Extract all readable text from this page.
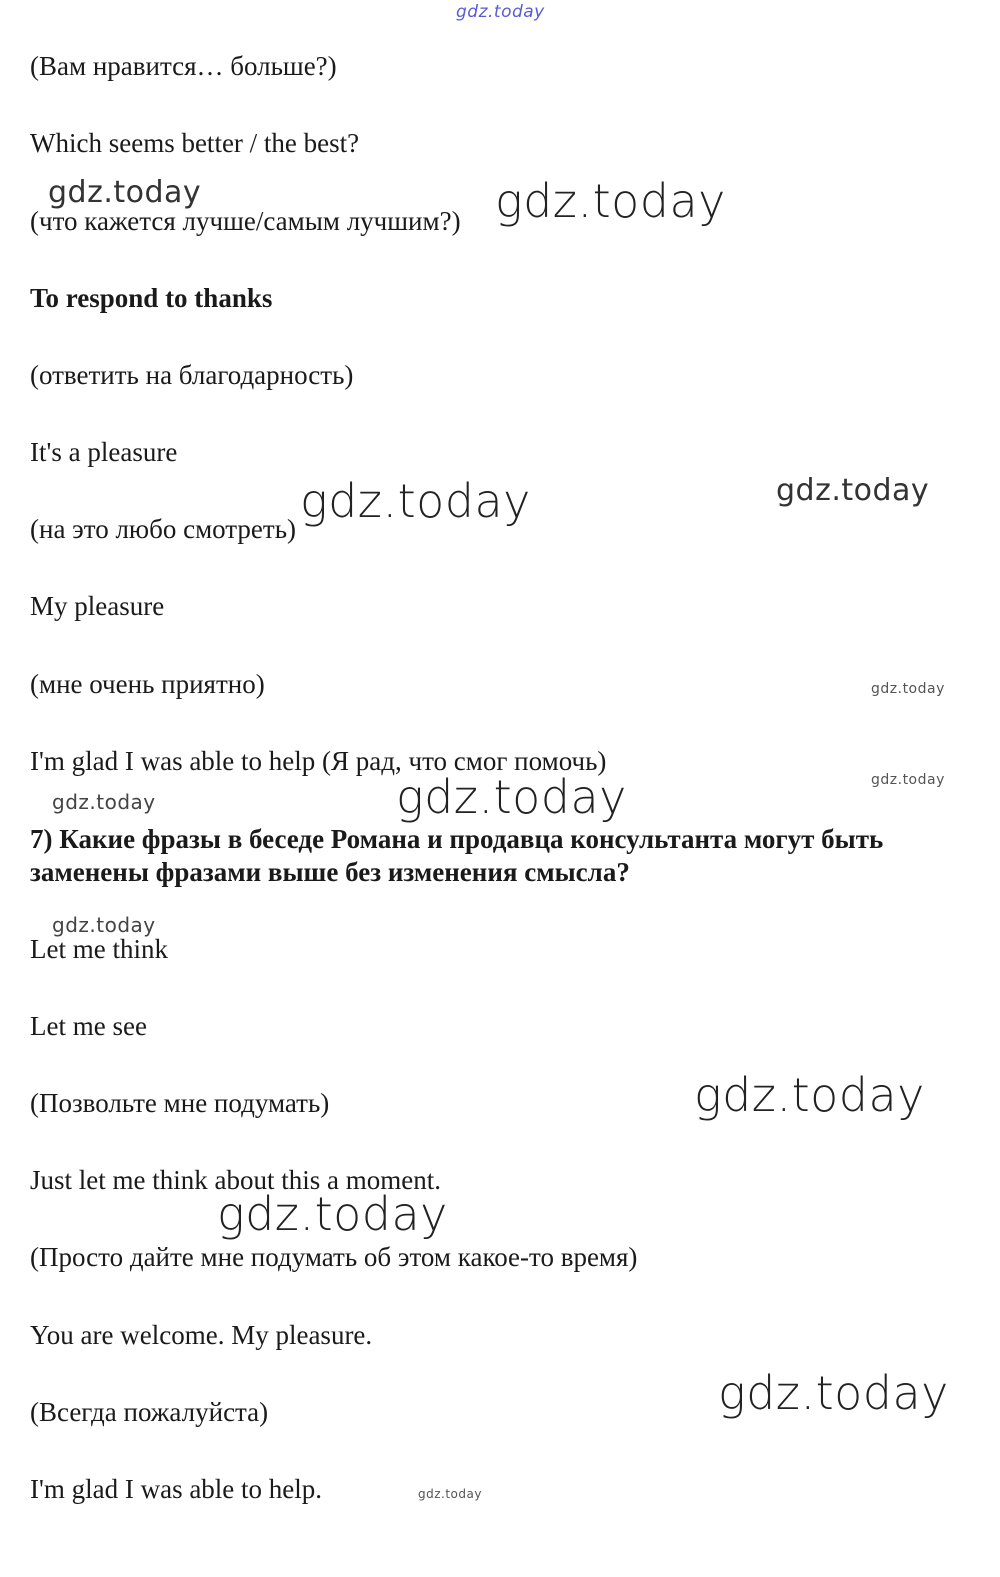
gdz.today
(Вам нравится… больше?)
Which seems better / the best?
(что кажется лучше/самым лучшим?)
To respond to thanks
(ответить на благодарность)
It's a pleasure
(на это любо смотреть)
My pleasure
(мне очень приятно)
I'm glad I was able to help (Я рад, что смог помочь)
7) Какие фразы в беседе Романа и продавца консультанта могут быть заменены фразами выше без изменения смысла?
Let me think
Let me see
(Позвольте мне подумать)
Just let me think about this a moment.
(Просто дайте мне подумать об этом какое-то время)
You are welcome. My pleasure.
(Всегда пожалуйста)
I'm glad I was able to help.
gdz.today	gdz.today
gdz.today	gdz.today
gdz.today
gdz.today
gdz.today	gdz.today
gdz.today
gdz.today
gdz.today
gdz.today
gdz.today
